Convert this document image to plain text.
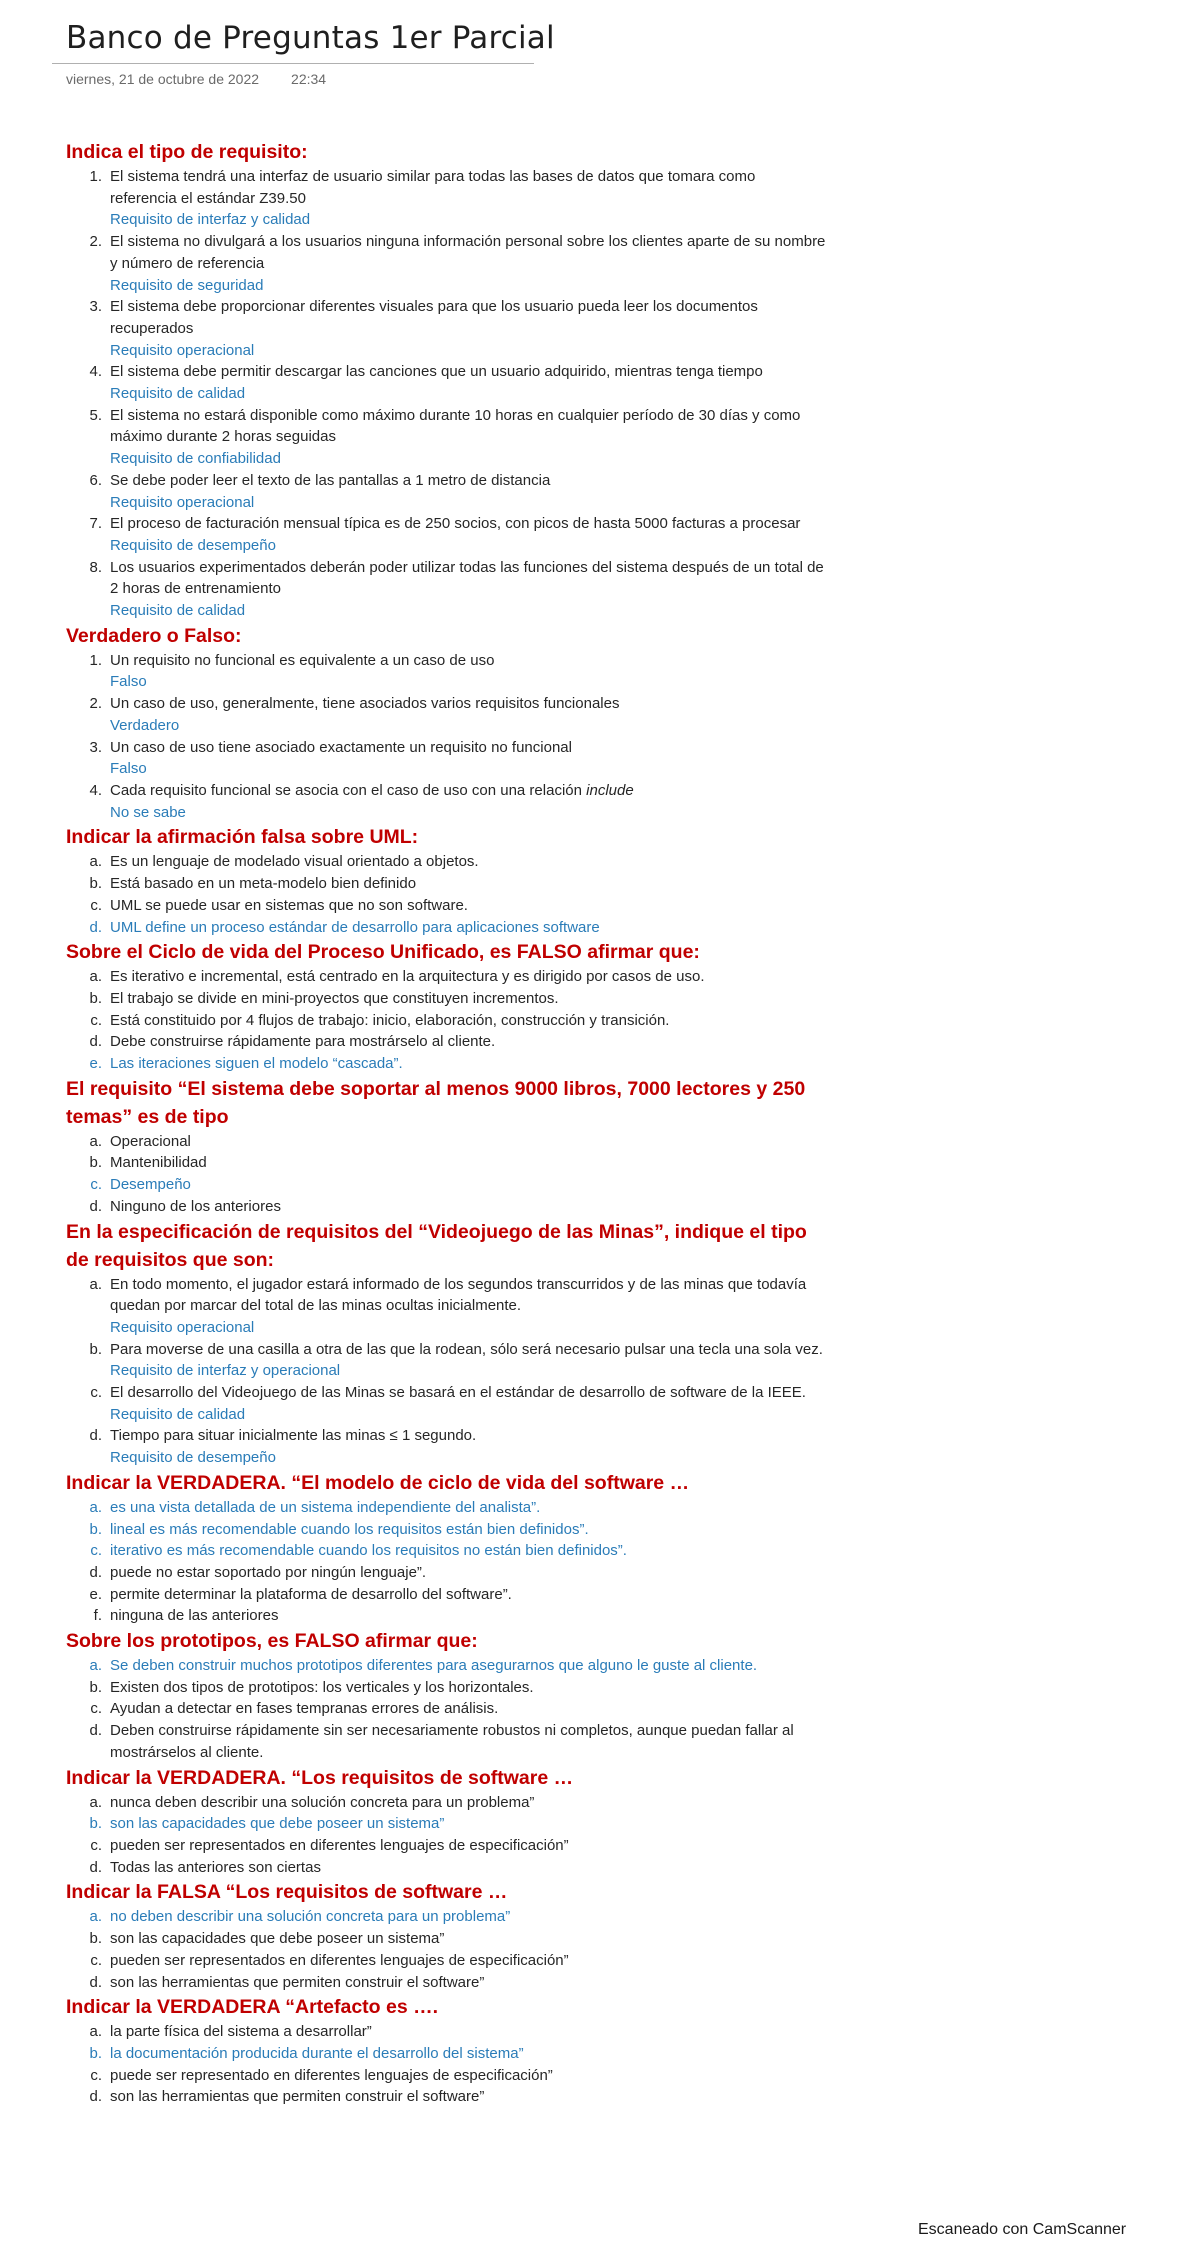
Banco de Preguntas 1er Parcial
viernes, 21 de octubre de 2022 22:34
Indica el tipo de requisito:
1. El sistema tendrá una interfaz de usuario similar para todas las bases de datos que tomara como referencia el estándar Z39.50
Requisito de interfaz y calidad
2. El sistema no divulgará a los usuarios ninguna información personal sobre los clientes aparte de su nombre y número de referencia
Requisito de seguridad
3. El sistema debe proporcionar diferentes visuales para que los usuario pueda leer los documentos recuperados
Requisito operacional
4. El sistema debe permitir descargar las canciones que un usuario adquirido, mientras tenga tiempo
Requisito de calidad
5. El sistema no estará disponible como máximo durante 10 horas en cualquier período de 30 días y como máximo durante 2 horas seguidas
Requisito de confiabilidad
6. Se debe poder leer el texto de las pantallas a 1 metro de distancia
Requisito operacional
7. El proceso de facturación mensual típica es de 250 socios, con picos de hasta 5000 facturas a procesar
Requisito de desempeño
8. Los usuarios experimentados deberán poder utilizar todas las funciones del sistema después de un total de 2 horas de entrenamiento
Requisito de calidad
Verdadero o Falso:
1. Un requisito no funcional es equivalente a un caso de uso
Falso
2. Un caso de uso, generalmente, tiene asociados varios requisitos funcionales
Verdadero
3. Un caso de uso tiene asociado exactamente un requisito no funcional
Falso
4. Cada requisito funcional se asocia con el caso de uso con una relación include
No se sabe
Indicar la afirmación falsa sobre UML:
a. Es un lenguaje de modelado visual orientado a objetos.
b. Está basado en un meta-modelo bien definido
c. UML se puede usar en sistemas que no son software.
d. UML define un proceso estándar de desarrollo para aplicaciones software
Sobre el Ciclo de vida del Proceso Unificado, es FALSO afirmar que:
a. Es iterativo e incremental, está centrado en la arquitectura y es dirigido por casos de uso.
b. El trabajo se divide en mini-proyectos que constituyen incrementos.
c. Está constituido por 4 flujos de trabajo: inicio, elaboración, construcción y transición.
d. Debe construirse rápidamente para mostrárselo al cliente.
e. Las iteraciones siguen el modelo “cascada”.
El requisito “El sistema debe soportar al menos 9000 libros, 7000 lectores y 250 temas” es de tipo
a. Operacional
b. Mantenibilidad
c. Desempeño
d. Ninguno de los anteriores
En la especificación de requisitos del “Videojuego de las Minas”, indique el tipo de requisitos que son:
a. En todo momento, el jugador estará informado de los segundos transcurridos y de las minas que todavía quedan por marcar del total de las minas ocultas inicialmente.
Requisito operacional
b. Para moverse de una casilla a otra de las que la rodean, sólo será necesario pulsar una tecla una sola vez.
Requisito de interfaz y operacional
c. El desarrollo del Videojuego de las Minas se basará en el estándar de desarrollo de software de la IEEE.
Requisito de calidad
d. Tiempo para situar inicialmente las minas ≤ 1 segundo.
Requisito de desempeño
Indicar la VERDADERA. “El modelo de ciclo de vida del software …
a. es una vista detallada de un sistema independiente del analista”.
b. lineal es más recomendable cuando los requisitos están bien definidos”.
c. iterativo es más recomendable cuando los requisitos no están bien definidos”.
d. puede no estar soportado por ningún lenguaje”.
e. permite determinar la plataforma de desarrollo del software”.
f. ninguna de las anteriores
Sobre los prototipos, es FALSO afirmar que:
a. Se deben construir muchos prototipos diferentes para asegurarnos que alguno le guste al cliente.
b. Existen dos tipos de prototipos: los verticales y los horizontales.
c. Ayudan a detectar en fases tempranas errores de análisis.
d. Deben construirse rápidamente sin ser necesariamente robustos ni completos, aunque puedan fallar al mostrárselos al cliente.
Indicar la VERDADERA. “Los requisitos de software …
a. nunca deben describir una solución concreta para un problema”
b. son las capacidades que debe poseer un sistema”
c. pueden ser representados en diferentes lenguajes de especificación”
d. Todas las anteriores son ciertas
Indicar la FALSA “Los requisitos de software …
a. no deben describir una solución concreta para un problema”
b. son las capacidades que debe poseer un sistema”
c. pueden ser representados en diferentes lenguajes de especificación”
d. son las herramientas que permiten construir el software”
Indicar la VERDADERA “Artefacto es ….
a. la parte física del sistema a desarrollar”
b. la documentación producida durante el desarrollo del sistema”
c. puede ser representado en diferentes lenguajes de especificación”
d. son las herramientas que permiten construir el software”
Escaneado con CamScanner
